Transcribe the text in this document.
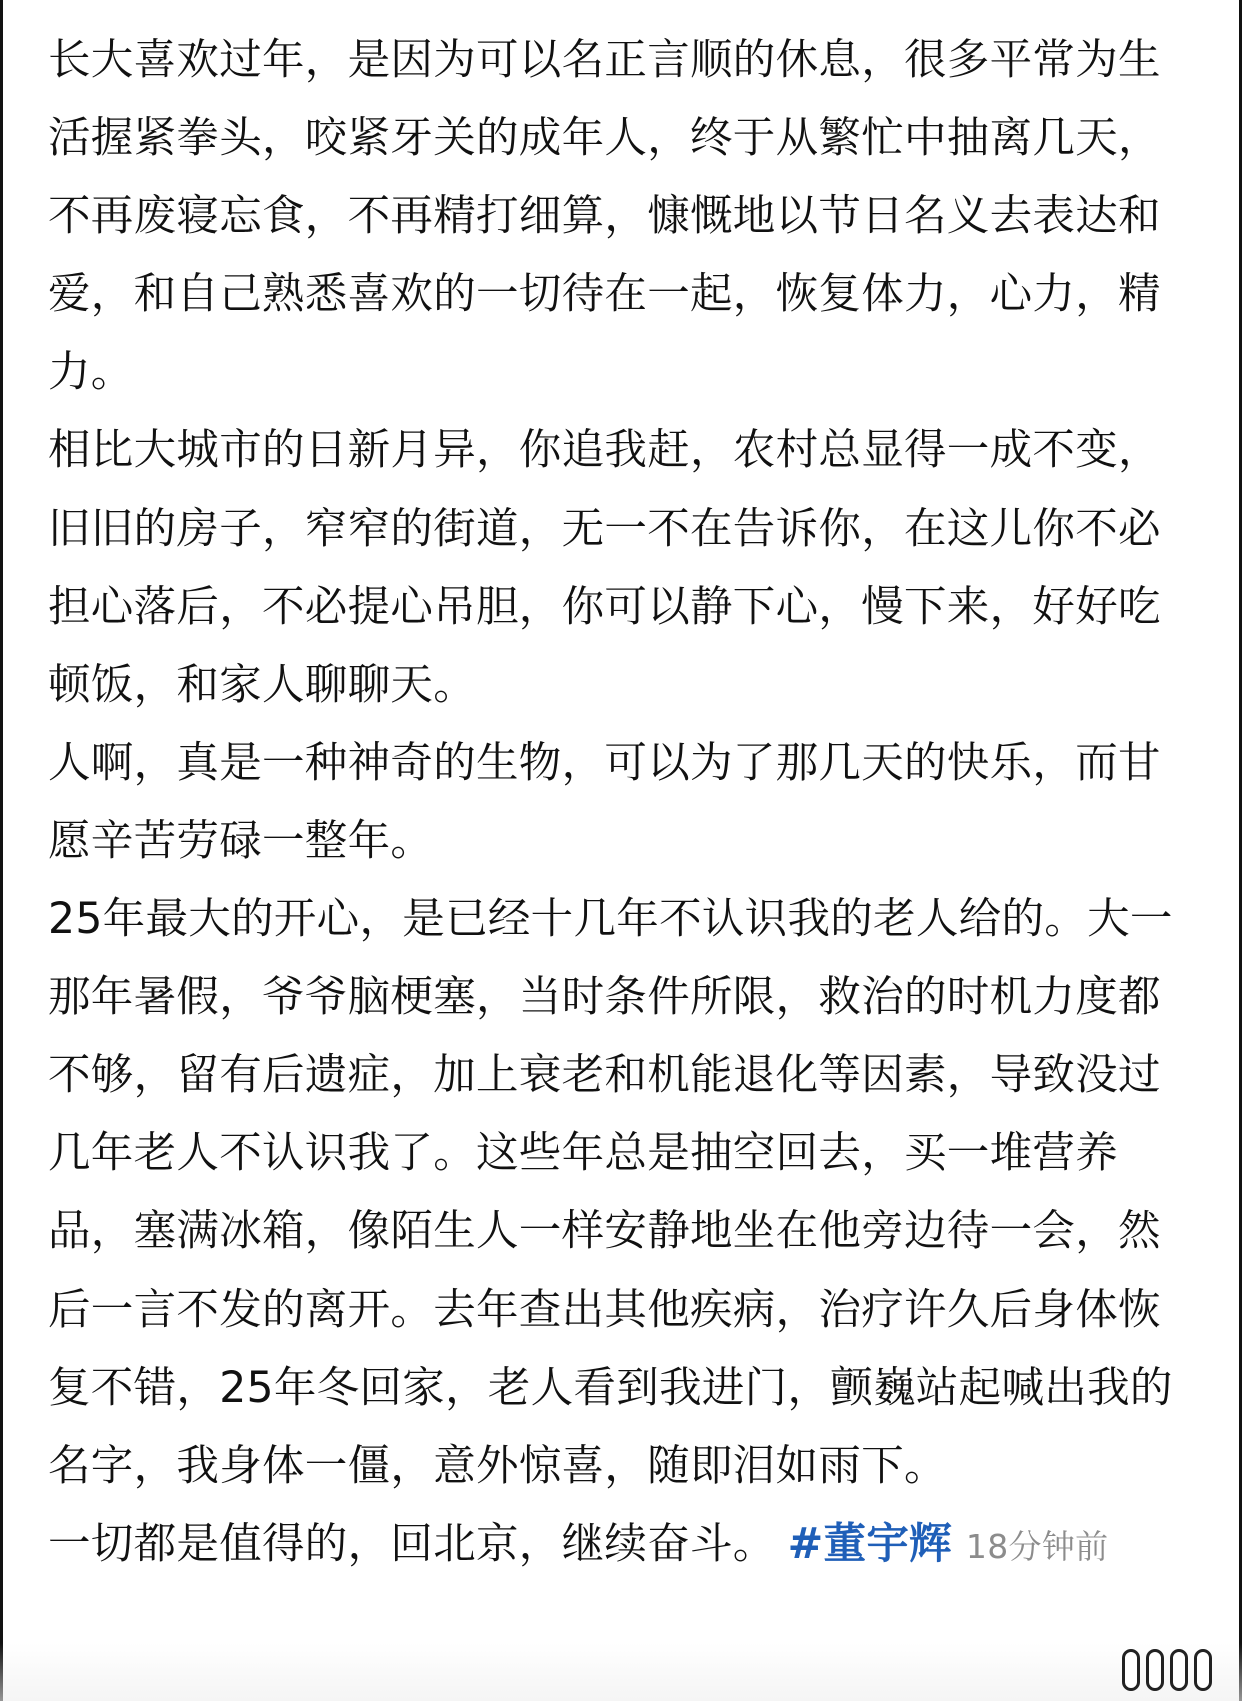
长大喜欢过年，是因为可以名正言顺的休息，很多平常为生活握紧拳头，咬紧牙关的成年人，终于从繁忙中抽离几天，不再废寝忘食，不再精打细算，慷慨地以节日名义去表达和爱，和自己熟悉喜欢的一切待在一起，恢复体力，心力，精力。

相比大城市的日新月异，你追我赶，农村总显得一成不变，旧旧的房子，窄窄的街道，无一不在告诉你，在这儿你不必担心落后，不必提心吊胆，你可以静下心，慢下来，好好吃顿饭，和家人聊聊天。

人啊，真是一种神奇的生物，可以为了那几天的快乐，而甘愿辛苦劳碌一整年。

25年最大的开心，是已经十几年不认识我的老人给的。大一那年暑假，爷爷脑梗塞，当时条件所限，救治的时机力度都不够，留有后遗症，加上衰老和机能退化等因素，导致没过几年老人不认识我了。这些年总是抽空回去，买一堆营养品，塞满冰箱，像陌生人一样安静地坐在他旁边待一会，然后一言不发的离开。去年查出其他疾病，治疗许久后身体恢复不错，25年冬回家，老人看到我进门，颤巍站起喊出我的名字，我身体一僵，意外惊喜，随即泪如雨下。

一切都是值得的，回北京，继续奋斗。 #董宇辉 18分钟前
